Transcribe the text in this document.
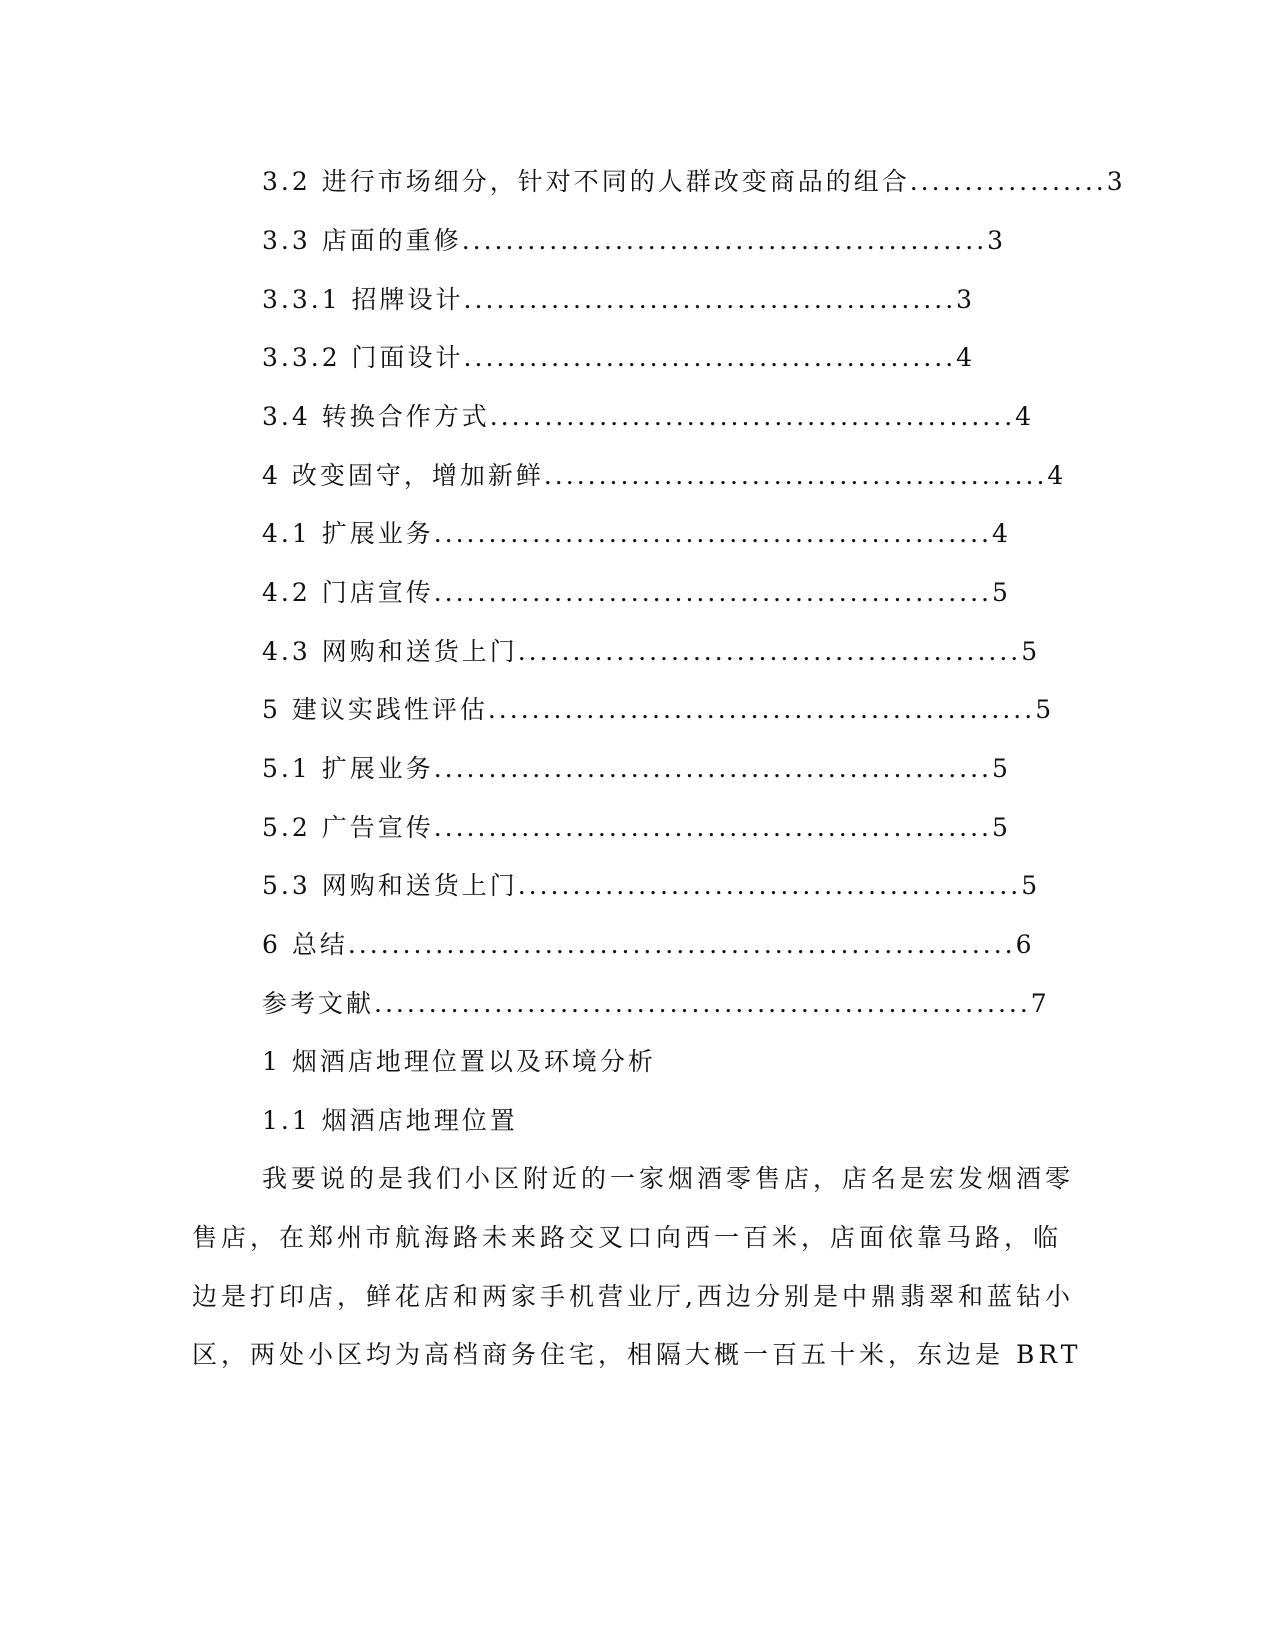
3.2 进行市场细分，针对不同的人群改变商品的组合..................3
3.3 店面的重修................................................3
3.3.1 招牌设计.............................................3
3.3.2 门面设计.............................................4
3.4 转换合作方式................................................4
4 改变固守，增加新鲜..............................................4
4.1 扩展业务...................................................4
4.2 门店宣传...................................................5
4.3 网购和送货上门..............................................5
5 建议实践性评估..................................................5
5.1 扩展业务...................................................5
5.2 广告宣传...................................................5
5.3 网购和送货上门..............................................5
6 总结.............................................................6
参考文献............................................................7
1 烟酒店地理位置以及环境分析
1.1 烟酒店地理位置
我要说的是我们小区附近的一家烟酒零售店，店名是宏发烟酒零
售店，在郑州市航海路未来路交叉口向西一百米，店面依靠马路，临
边是打印店，鲜花店和两家手机营业厅,西边分别是中鼎翡翠和蓝钻小
区，两处小区均为高档商务住宅，相隔大概一百五十米，东边是 BRT
